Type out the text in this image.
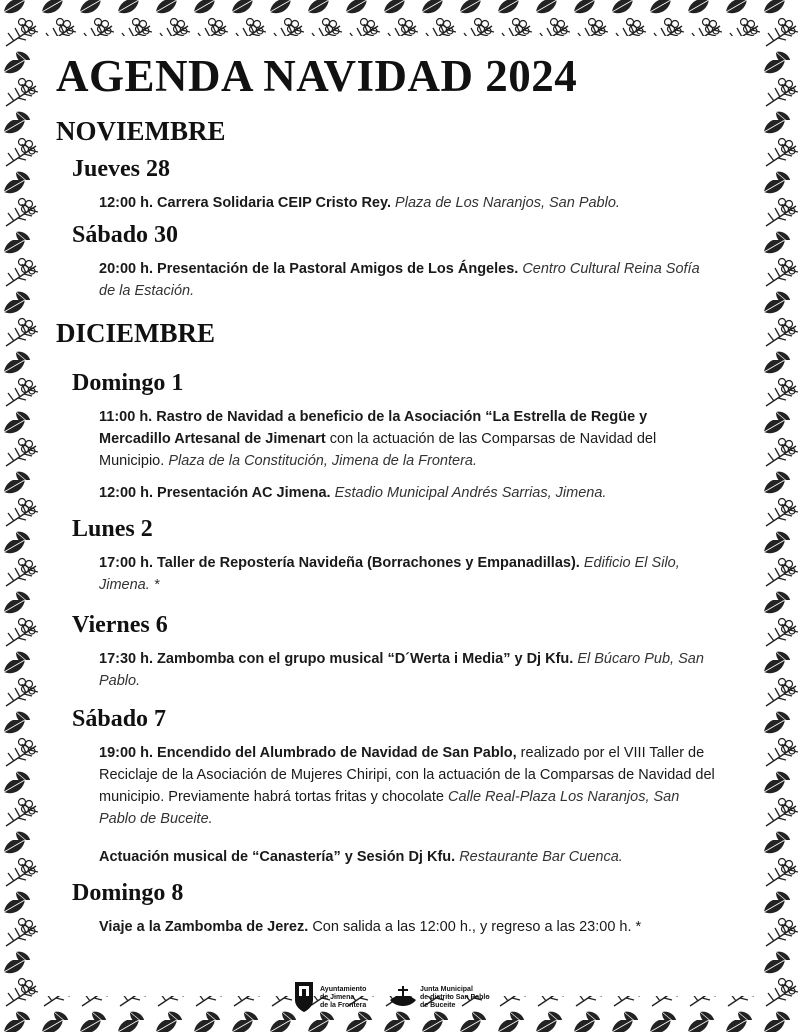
AGENDA NAVIDAD 2024
NOVIEMBRE
Jueves 28

12:00 h. Carrera Solidaria CEIP Cristo Rey. Plaza de Los Naranjos, San Pablo.

Sábado 30

20:00 h. Presentación de la Pastoral Amigos de Los Ángeles. Centro Cultural Reina Sofía de la Estación.

DICIEMBRE
Domingo 1

11:00 h. Rastro de Navidad a beneficio de la Asociación “La Estrella de Regüe y Mercadillo Artesanal de Jimenart con la actuación de las Comparsas de Navidad del Municipio. Plaza de la Constitución, Jimena de la Frontera.

12:00 h. Presentación AC Jimena. Estadio Municipal Andrés Sarrias, Jimena.

Lunes 2

17:00 h. Taller de Repostería Navideña (Borrachones y Empanadillas). Edificio El Silo, Jimena. *

Viernes 6

17:30 h. Zambomba con el grupo musical “D´Werta i Media” y Dj Kfu. El Búcaro Pub, San Pablo.

Sábado 7

19:00 h. Encendido del Alumbrado de Navidad de San Pablo, realizado por el VIII Taller de Reciclaje de la Asociación de Mujeres Chiripi, con la actuación de la Comparsas de Navidad del municipio. Previamente habrá tortas fritas y chocolate Calle Real-Plaza Los Naranjos, San Pablo de Buceite.

Actuación musical de “Canastería” y Sesión Dj Kfu. Restaurante Bar Cuenca.

Domingo 8

Viaje a la Zambomba de Jerez. Con salida a las 12:00 h., y regreso a las 23:00 h. *

Ayuntamiento
de Jimena
de la Frontera
Junta Municipal
de distrito San Pablo
de Buceite
